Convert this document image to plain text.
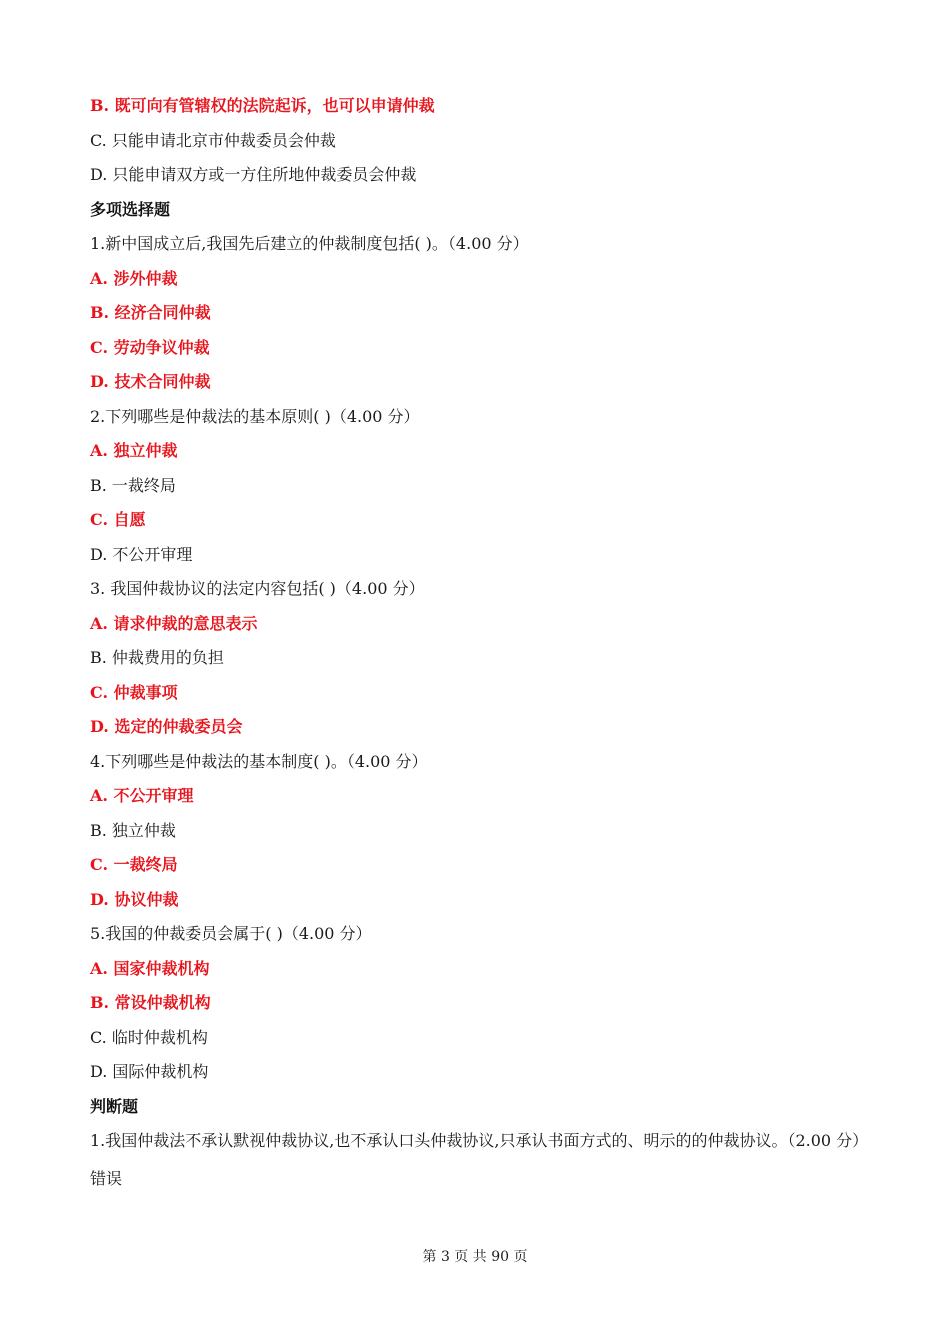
B. 既可向有管辖权的法院起诉，也可以申请仲裁
C. 只能申请北京市仲裁委员会仲裁
D. 只能申请双方或一方住所地仲裁委员会仲裁
多项选择题
1.新中国成立后,我国先后建立的仲裁制度包括( )。（4.00 分）
A. 涉外仲裁
B. 经济合同仲裁
C. 劳动争议仲裁
D. 技术合同仲裁
2.下列哪些是仲裁法的基本原则( )（4.00 分）
A. 独立仲裁
B. 一裁终局
C. 自愿
D. 不公开审理
3. 我国仲裁协议的法定内容包括( )（4.00 分）
A. 请求仲裁的意思表示
B. 仲裁费用的负担
C. 仲裁事项
D. 选定的仲裁委员会
4.下列哪些是仲裁法的基本制度( )。（4.00 分）
A. 不公开审理
B. 独立仲裁
C. 一裁终局
D. 协议仲裁
5.我国的仲裁委员会属于( )（4.00 分）
A. 国家仲裁机构
B. 常设仲裁机构
C. 临时仲裁机构
D. 国际仲裁机构
判断题
1.我国仲裁法不承认默视仲裁协议,也不承认口头仲裁协议,只承认书面方式的、明示的的仲裁协议。（2.00 分）
错误
第 3 页 共 90 页
